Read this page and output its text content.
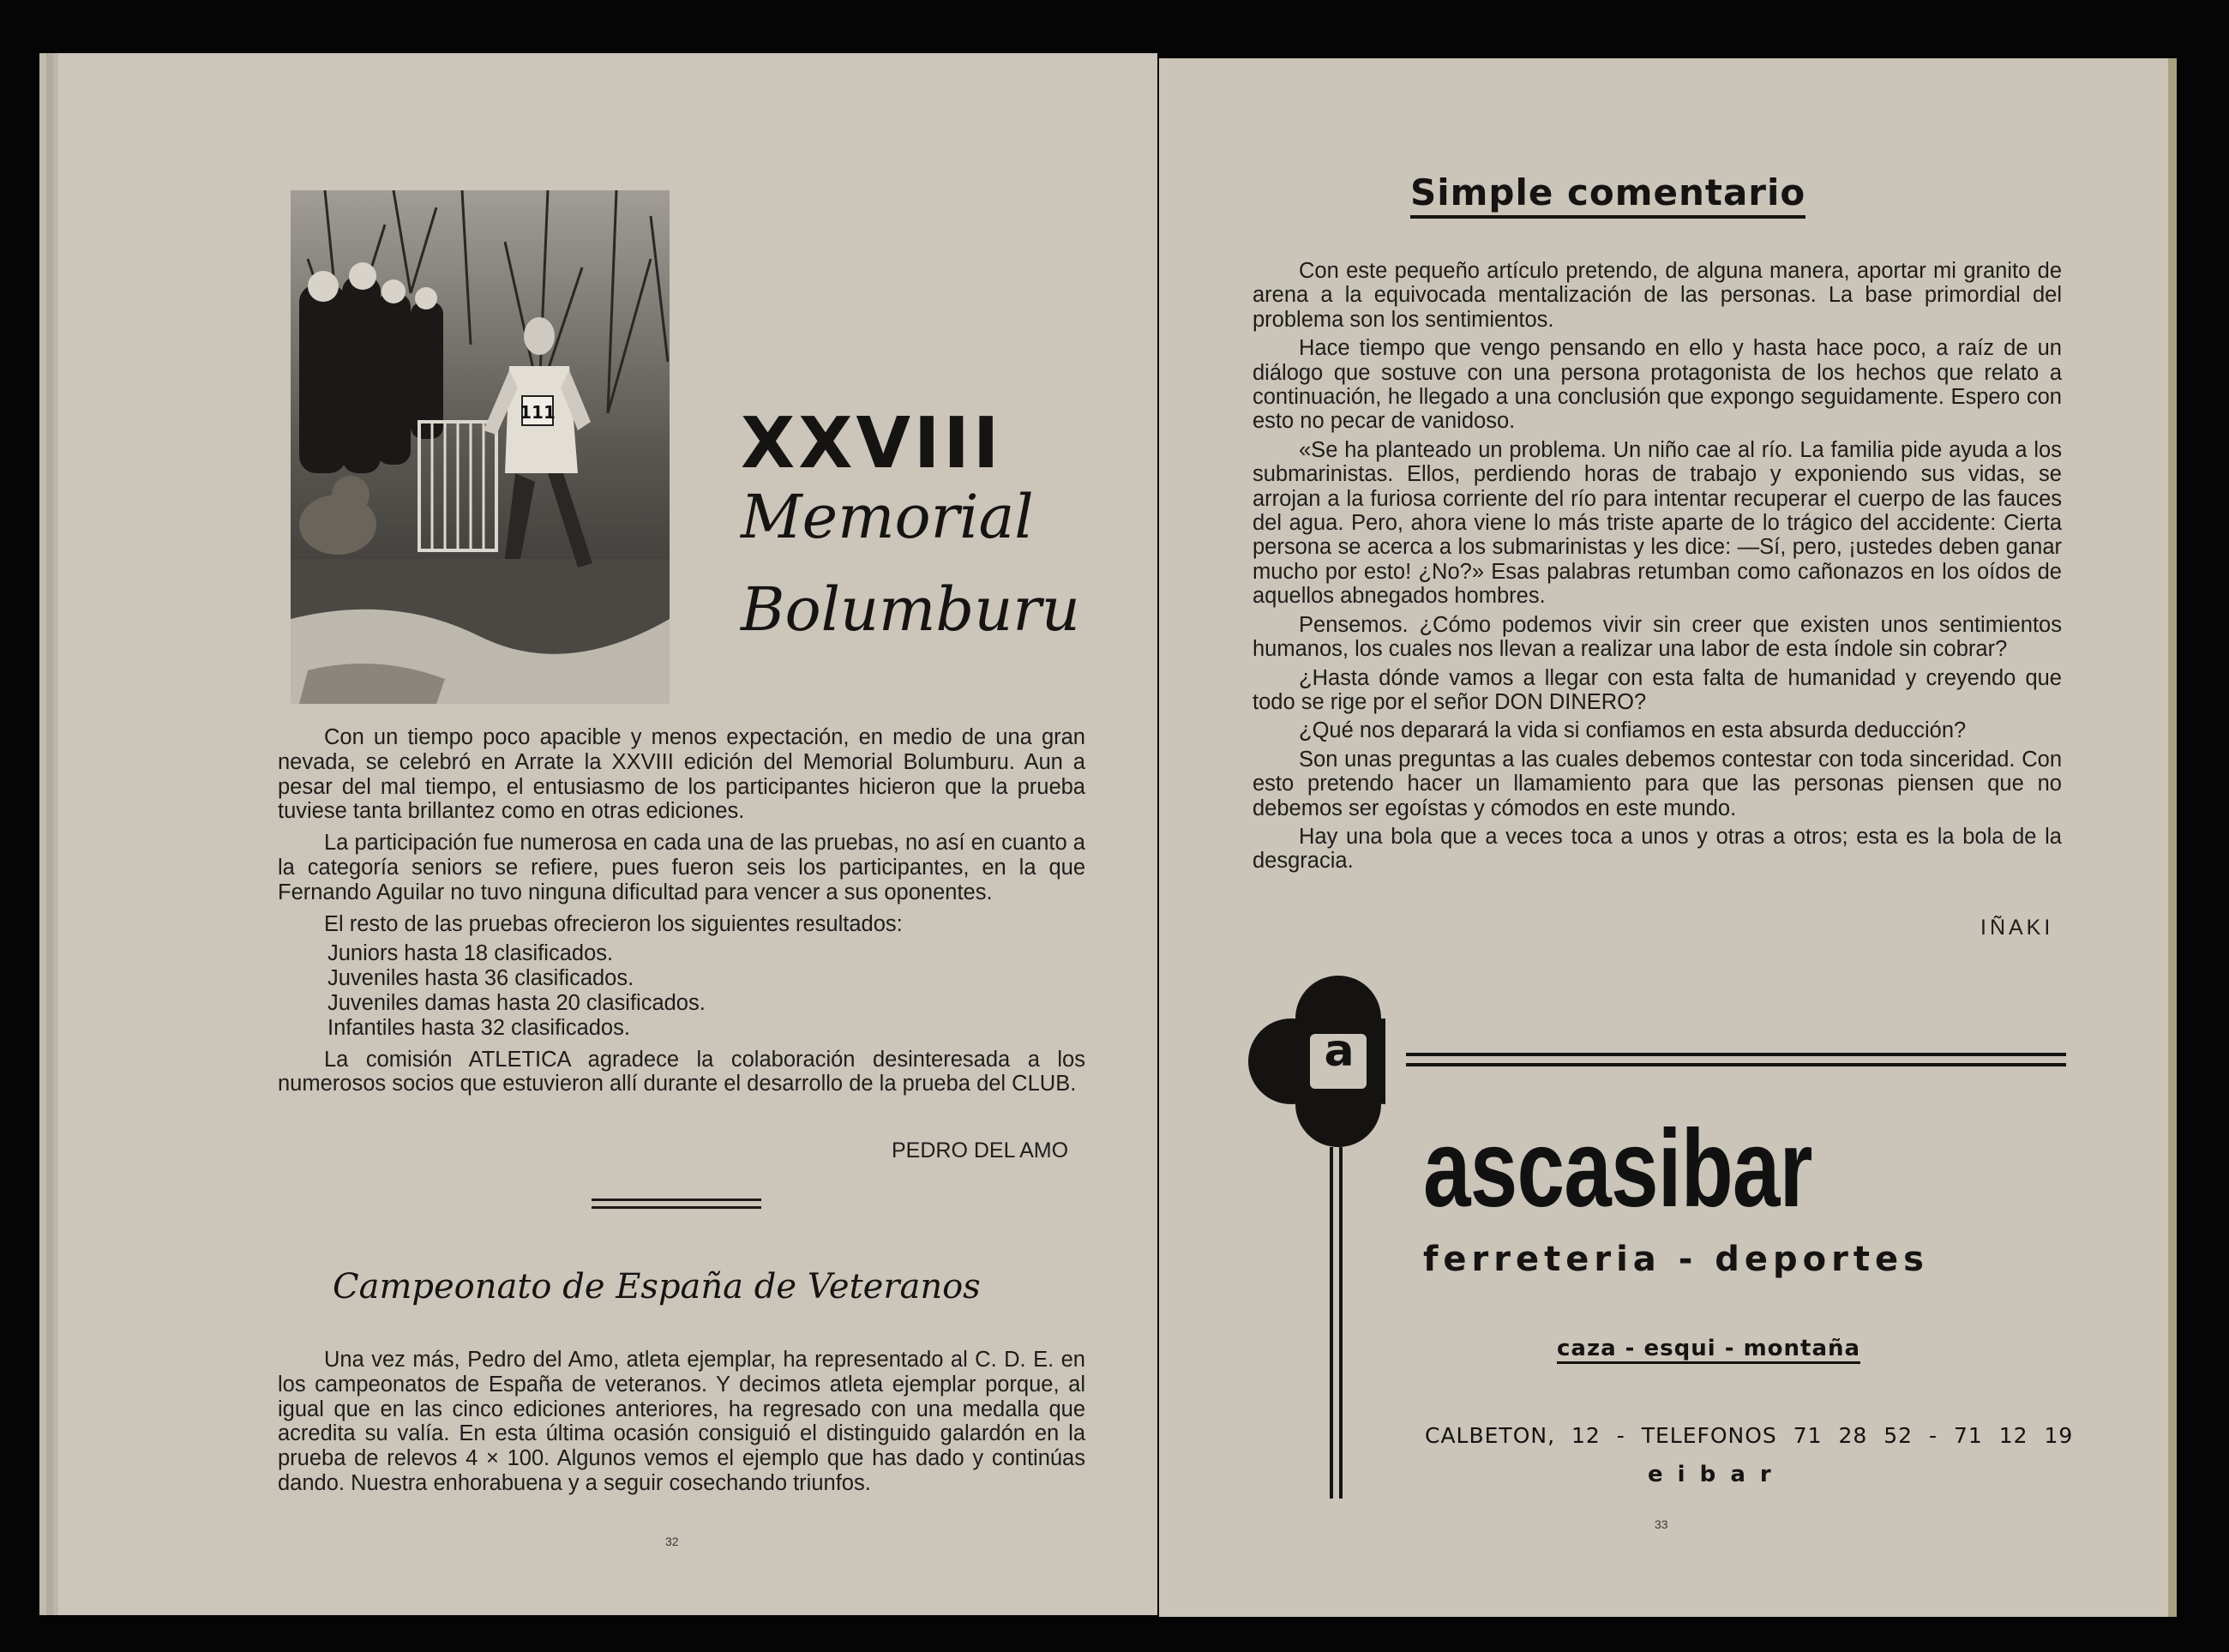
111	XXVIII
Memorial
Bolumburu

Con un tiempo poco apacible y menos expectación, en medio de una gran nevada, se celebró en Arrate la XXVIII edición del Memorial Bolumburu. Aun a pesar del mal tiempo, el entusiasmo de los participantes hicieron que la prueba tuviese tanta brillantez como en otras ediciones.

La participación fue numerosa en cada una de las pruebas, no así en cuanto a la categoría seniors se refiere, pues fueron seis los participantes, en la que Fernando Aguilar no tuvo ninguna dificultad para vencer a sus oponentes.

El resto de las pruebas ofrecieron los siguientes resultados:

Juniors hasta 18 clasificados.
Juveniles hasta 36 clasificados.
Juveniles damas hasta 20 clasificados.
Infantiles hasta 32 clasificados.

La comisión ATLETICA agradece la colaboración desinteresada a los numerosos socios que estuvieron allí durante el desarrollo de la prueba del CLUB.

PEDRO DEL AMO
Campeonato de España de Veteranos

Una vez más, Pedro del Amo, atleta ejemplar, ha representado al C. D. E. en los campeonatos de España de veteranos. Y decimos atleta ejemplar porque, al igual que en las cinco ediciones anteriores, ha regresado con una medalla que acredita su valía. En esta última ocasión consiguió el distinguido galardón en la prueba de relevos 4 × 100. Algunos vemos el ejemplo que has dado y continúas dando. Nuestra enhorabuena y a seguir cosechando triunfos.

32
Simple comentario

Con este pequeño artículo pretendo, de alguna manera, aportar mi granito de arena a la equivocada mentalización de las personas. La base primordial del problema son los sentimientos.

Hace tiempo que vengo pensando en ello y hasta hace poco, a raíz de un diálogo que sostuve con una persona protagonista de los hechos que relato a continuación, he llegado a una conclusión que expongo seguidamente. Espero con esto no pecar de vanidoso.

«Se ha planteado un problema. Un niño cae al río. La familia pide ayuda a los submarinistas. Ellos, perdiendo horas de trabajo y exponiendo sus vidas, se arrojan a la furiosa corriente del río para intentar recuperar el cuerpo de las fauces del agua. Pero, ahora viene lo más triste aparte de lo trágico del accidente: Cierta persona se acerca a los submarinistas y les dice: —Sí, pero, ¡ustedes deben ganar mucho por esto! ¿No?» Esas palabras retumban como cañonazos en los oídos de aquellos abnegados hombres.

Pensemos. ¿Cómo podemos vivir sin creer que existen unos sentimientos humanos, los cuales nos llevan a realizar una labor de esta índole sin cobrar?

¿Hasta dónde vamos a llegar con esta falta de humanidad y creyendo que todo se rige por el señor DON DINERO?

¿Qué nos deparará la vida si confiamos en esta absurda deducción?

Son unas preguntas a las cuales debemos contestar con toda sinceridad. Con esto pretendo hacer un llamamiento para que las personas piensen que no debemos ser egoístas y cómodos en este mundo.

Hay una bola que a veces toca a unos y otras a otros; esta es la bola de la desgracia.

IÑAKI
a
ascasibar
ferreteria - deportes
caza - esqui - montaña
CALBETON, 12 - TELEFONOS 71 28 52 - 71 12 19
e i b a r
33
